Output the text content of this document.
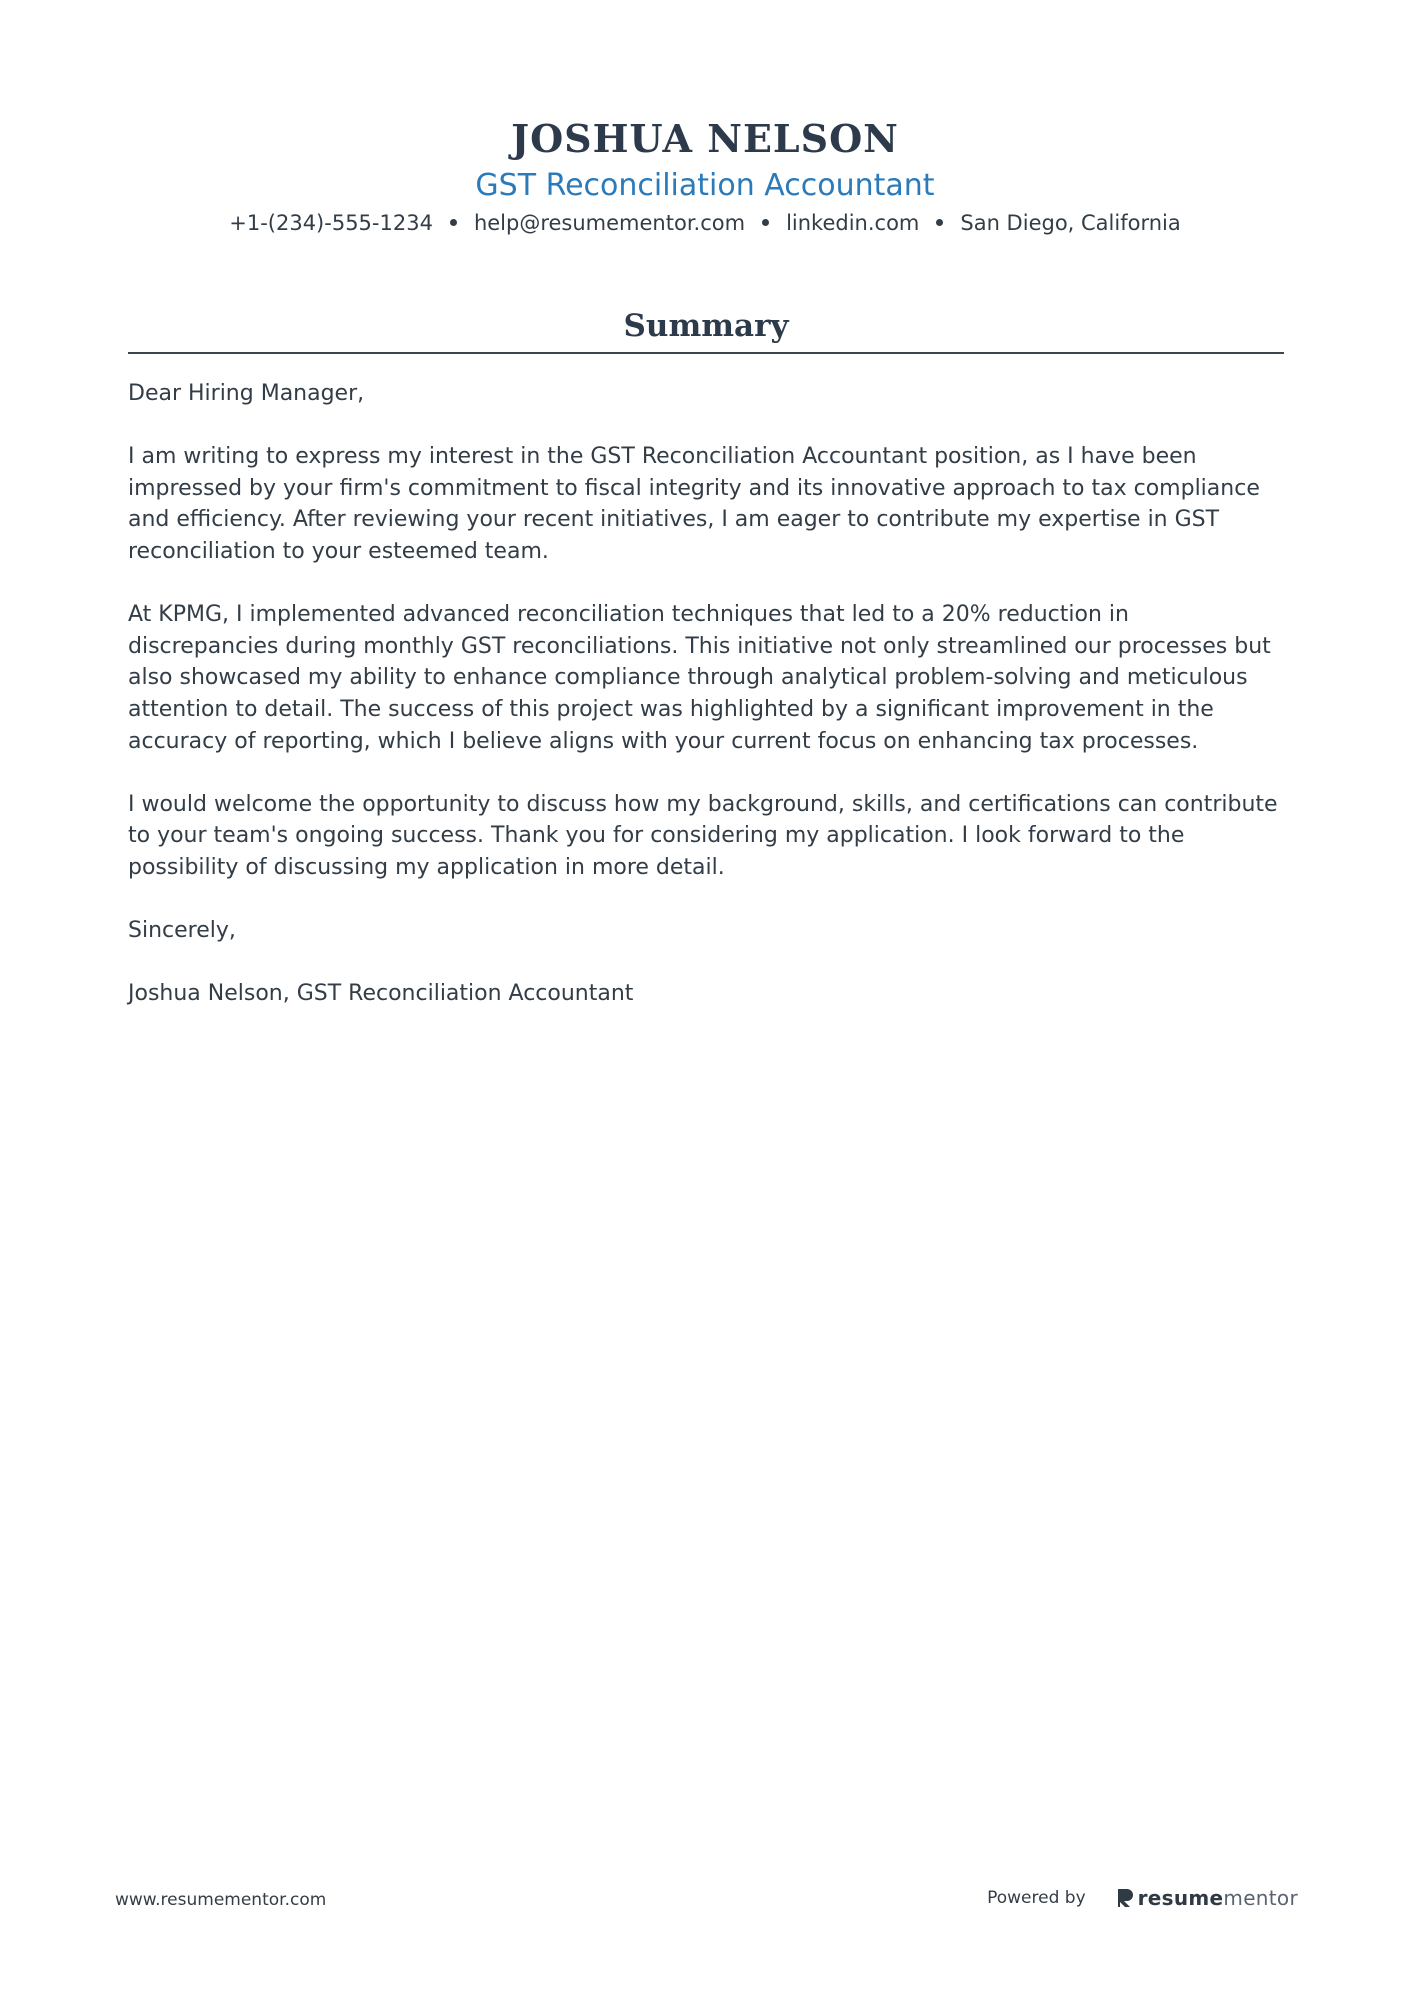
JOSHUA NELSON
GST Reconciliation Accountant
+1-(234)-555-1234 help@resumementor.com linkedin.com San Diego, California
Summary

Dear Hiring Manager,

I am writing to express my interest in the GST Reconciliation Accountant position, as I have been impressed by your firm's commitment to fiscal integrity and its innovative approach to tax compliance and efficiency. After reviewing your recent initiatives, I am eager to contribute my expertise in GST reconciliation to your esteemed team.

At KPMG, I implemented advanced reconciliation techniques that led to a 20% reduction in discrepancies during monthly GST reconciliations. This initiative not only streamlined our processes but also showcased my ability to enhance compliance through analytical problem-solving and meticulous attention to detail. The success of this project was highlighted by a significant improvement in the accuracy of reporting, which I believe aligns with your current focus on enhancing tax processes.

I would welcome the opportunity to discuss how my background, skills, and certifications can contribute to your team's ongoing success. Thank you for considering my application. I look forward to the possibility of discussing my application in more detail.

Sincerely,

Joshua Nelson, GST Reconciliation Accountant

www.resumementor.com	Powered by	resumementor
